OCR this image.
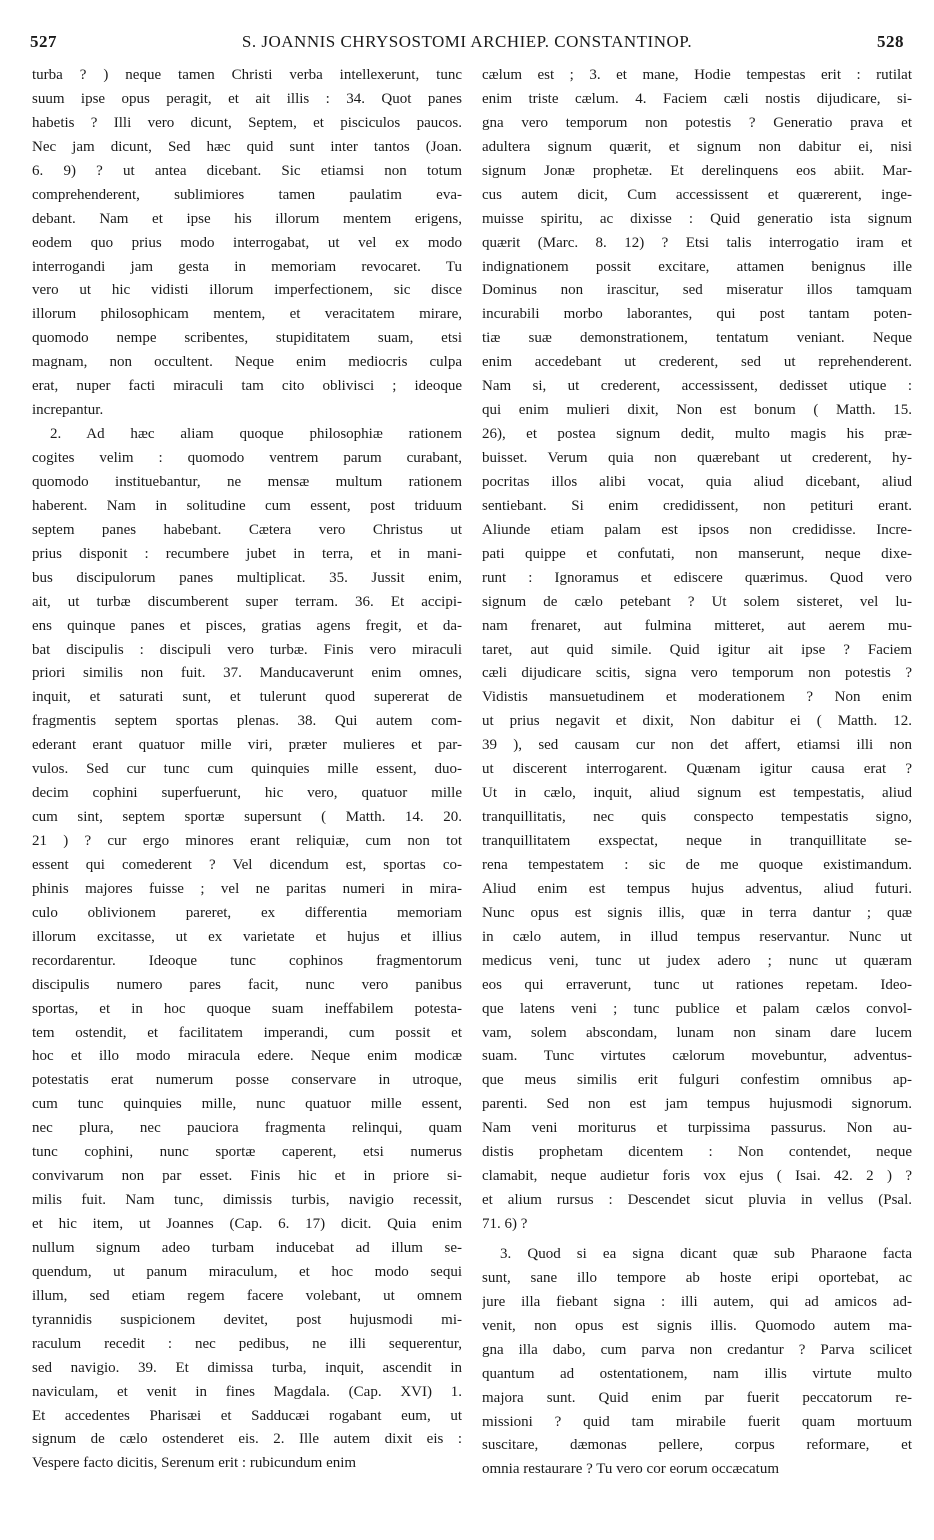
527	S. JOANNIS CHRYSOSTOMI ARCHIEP. CONSTANTINOP.	528
turba ? ) neque tamen Christi verba intellexerunt, tunc
suum ipse opus peragit, et ait illis : 34. Quot panes
habetis ? Illi vero dicunt, Septem, et pisciculos paucos.
Nec jam dicunt, Sed hæc quid sunt inter tantos (Joan.
6. 9) ? ut antea dicebant. Sic etiamsi non totum
comprehenderent, sublimiores tamen paulatim eva-
debant. Nam et ipse his illorum mentem erigens,
eodem quo prius modo interrogabat, ut vel ex modo
interrogandi jam gesta in memoriam revocaret. Tu
vero ut hic vidisti illorum imperfectionem, sic disce
illorum philosophicam mentem, et veracitatem mirare,
quomodo nempe scribentes, stupiditatem suam, etsi
magnam, non occultent. Neque enim mediocris culpa
erat, nuper facti miraculi tam cito oblivisci ; ideoque
increpantur.
2. Ad hæc aliam quoque philosophiæ rationem
cogites velim : quomodo ventrem parum curabant,
quomodo instituebantur, ne mensæ multum rationem
haberent. Nam in solitudine cum essent, post triduum
septem panes habebant. Cætera vero Christus ut
prius disponit : recumbere jubet in terra, et in mani-
bus discipulorum panes multiplicat. 35. Jussit enim,
ait, ut turbæ discumberent super terram. 36. Et accipi-
ens quinque panes et pisces, gratias agens fregit, et da-
bat discipulis : discipuli vero turbæ. Finis vero miraculi
priori similis non fuit. 37. Manducaverunt enim omnes,
inquit, et saturati sunt, et tulerunt quod supererat de
fragmentis septem sportas plenas. 38. Qui autem com-
ederant erant quatuor mille viri, præter mulieres et par-
vulos. Sed cur tunc cum quinquies mille essent, duo-
decim cophini superfuerunt, hic vero, quatuor mille
cum sint, septem sportæ supersunt ( Matth. 14. 20.
21 ) ? cur ergo minores erant reliquiæ, cum non tot
essent qui comederent ? Vel dicendum est, sportas co-
phinis majores fuisse ; vel ne paritas numeri in mira-
culo oblivionem pareret, ex differentia memoriam
illorum excitasse, ut ex varietate et hujus et illius
recordarentur. Ideoque tunc cophinos fragmentorum
discipulis numero pares facit, nunc vero panibus
sportas, et in hoc quoque suam ineffabilem potesta-
tem ostendit, et facilitatem imperandi, cum possit et
hoc et illo modo miracula edere. Neque enim modicæ
potestatis erat numerum posse conservare in utroque,
cum tunc quinquies mille, nunc quatuor mille essent,
nec plura, nec pauciora fragmenta relinqui, quam
tunc cophini, nunc sportæ caperent, etsi numerus
convivarum non par esset. Finis hic et in priore si-
milis fuit. Nam tunc, dimissis turbis, navigio recessit,
et hic item, ut Joannes (Cap. 6. 17) dicit. Quia enim
nullum signum adeo turbam inducebat ad illum se-
quendum, ut panum miraculum, et hoc modo sequi
illum, sed etiam regem facere volebant, ut omnem
tyrannidis suspicionem devitet, post hujusmodi mi-
raculum recedit : nec pedibus, ne illi sequerentur,
sed navigio. 39. Et dimissa turba, inquit, ascendit in
naviculam, et venit in fines Magdala. (Cap. XVI) 1.
Et accedentes Pharisæi et Sadducæi rogabant eum, ut
signum de cælo ostenderet eis. 2. Ille autem dixit eis :
Vespere facto dicitis, Serenum erit : rubicundum enim
cælum est ; 3. et mane, Hodie tempestas erit : rutilat
enim triste cælum. 4. Faciem cæli nostis dijudicare, si-
gna vero temporum non potestis ? Generatio prava et
adultera signum quærit, et signum non dabitur ei, nisi
signum Jonæ prophetæ. Et derelinquens eos abiit. Mar-
cus autem dicit, Cum accessissent et quærerent, inge-
muisse spiritu, ac dixisse : Quid generatio ista signum
quærit (Marc. 8. 12) ? Etsi talis interrogatio iram et
indignationem possit excitare, attamen benignus ille
Dominus non irascitur, sed miseratur illos tamquam
incurabili morbo laborantes, qui post tantam poten-
tiæ suæ demonstrationem, tentatum veniant. Neque
enim accedebant ut crederent, sed ut reprehenderent.
Nam si, ut crederent, accessissent, dedisset utique :
qui enim mulieri dixit, Non est bonum ( Matth. 15.
26), et postea signum dedit, multo magis his præ-
buisset. Verum quia non quærebant ut crederent, hy-
pocritas illos alibi vocat, quia aliud dicebant, aliud
sentiebant. Si enim credidissent, non petituri erant.
Aliunde etiam palam est ipsos non credidisse. Incre-
pati quippe et confutati, non manserunt, neque dixe-
runt : Ignoramus et ediscere quærimus. Quod vero
signum de cælo petebant ? Ut solem sisteret, vel lu-
nam frenaret, aut fulmina mitteret, aut aerem mu-
taret, aut quid simile. Quid igitur ait ipse ? Faciem
cæli dijudicare scitis, signa vero temporum non potestis ?
Vidistis mansuetudinem et moderationem ? Non enim
ut prius negavit et dixit, Non dabitur ei ( Matth. 12.
39 ), sed causam cur non det affert, etiamsi illi non
ut discerent interrogarent. Quænam igitur causa erat ?
Ut in cælo, inquit, aliud signum est tempestatis, aliud
tranquillitatis, nec quis conspecto tempestatis signo,
tranquillitatem exspectat, neque in tranquillitate se-
rena tempestatem : sic de me quoque existimandum.
Aliud enim est tempus hujus adventus, aliud futuri.
Nunc opus est signis illis, quæ in terra dantur ; quæ
in cælo autem, in illud tempus reservantur. Nunc ut
medicus veni, tunc ut judex adero ; nunc ut quæram
eos qui erraverunt, tunc ut rationes repetam. Ideo-
que latens veni ; tunc publice et palam cælos convol-
vam, solem abscondam, lunam non sinam dare lucem
suam. Tunc virtutes cælorum movebuntur, adventus-
que meus similis erit fulguri confestim omnibus ap-
parenti. Sed non est jam tempus hujusmodi signorum.
Nam veni moriturus et turpissima passurus. Non au-
distis prophetam dicentem : Non contendet, neque
clamabit, neque audietur foris vox ejus ( Isai. 42. 2 ) ?
et alium rursus : Descendet sicut pluvia in vellus (Psal.
71. 6) ?
3. Quod si ea signa dicant quæ sub Pharaone facta
sunt, sane illo tempore ab hoste eripi oportebat, ac
jure illa fiebant signa : illi autem, qui ad amicos ad-
venit, non opus est signis illis. Quomodo autem ma-
gna illa dabo, cum parva non credantur ? Parva scilicet
quantum ad ostentationem, nam illis virtute multo
majora sunt. Quid enim par fuerit peccatorum re-
missioni ? quid tam mirabile fuerit quam mortuum
suscitare, dæmonas pellere, corpus reformare, et
omnia restaurare ? Tu vero cor eorum occæcatum
